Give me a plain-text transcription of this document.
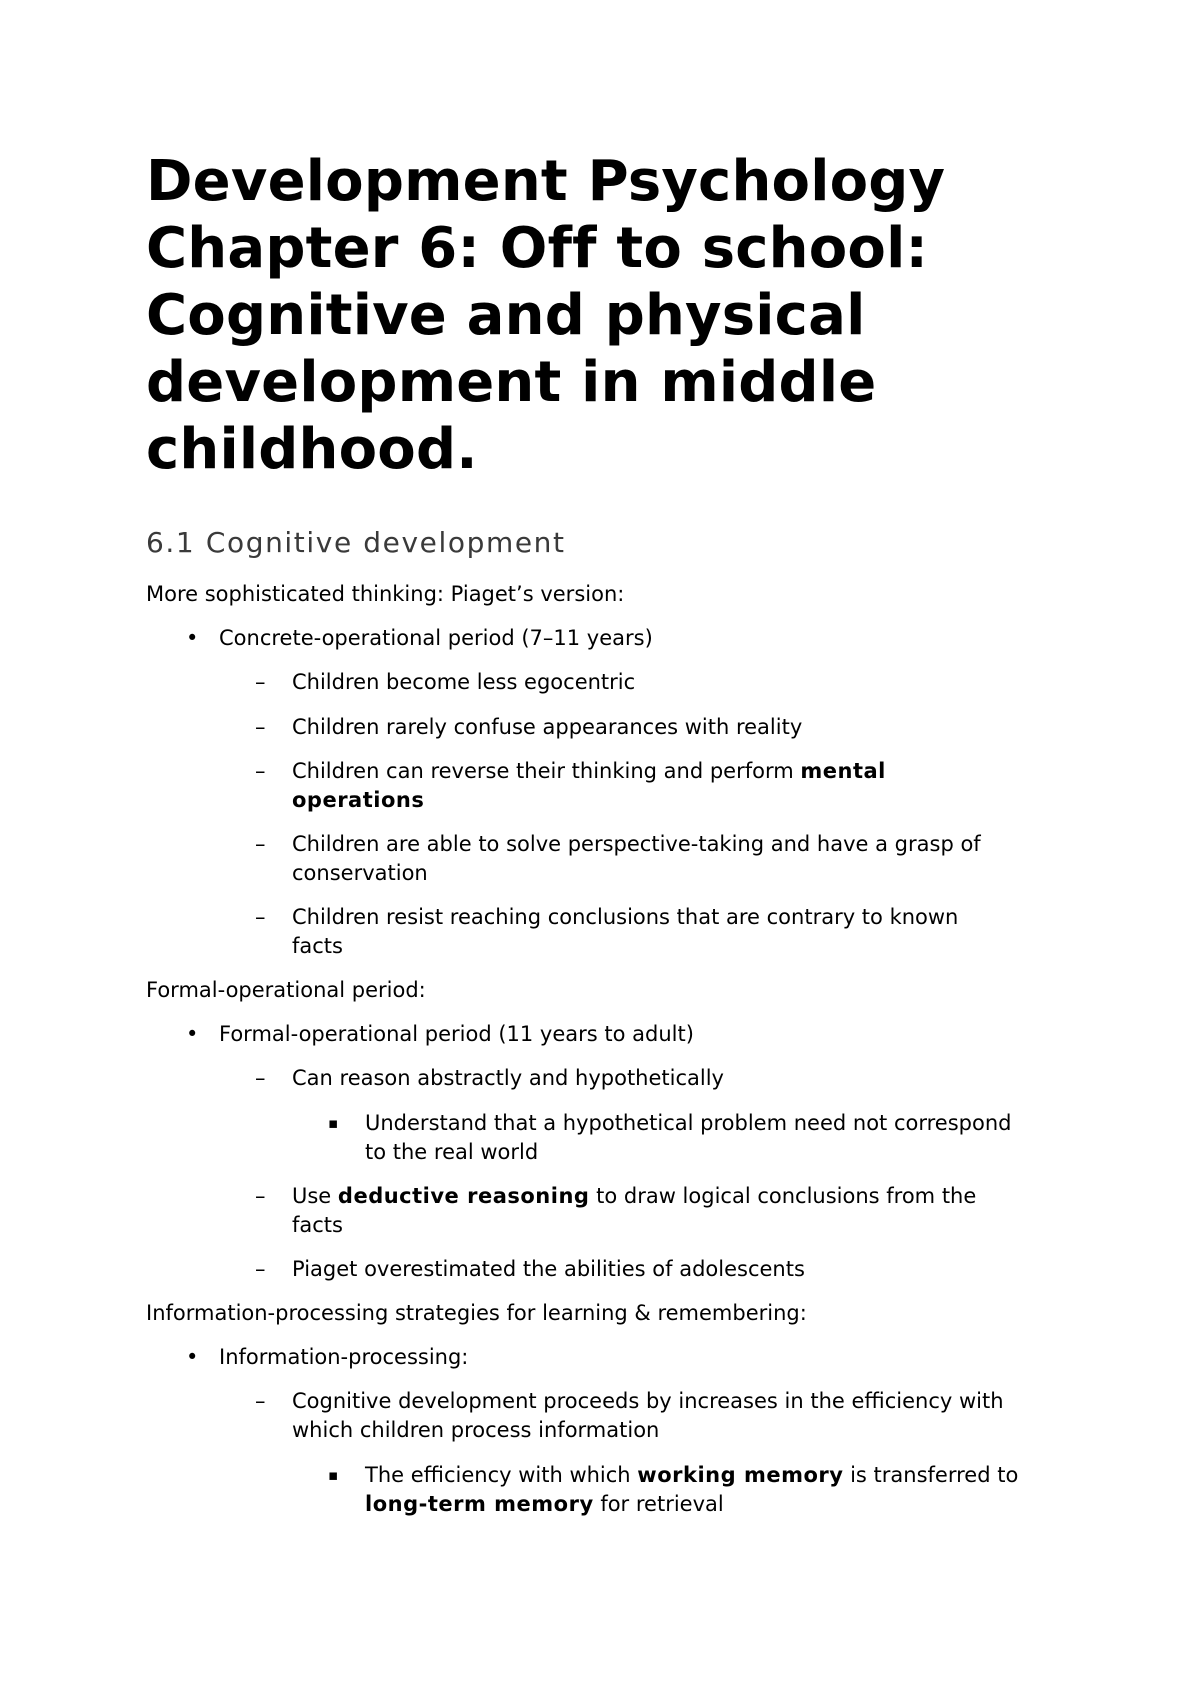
Development Psychology
Chapter 6: Off to school:
Cognitive and physical
development in middle
childhood.
6.1 Cognitive development
More sophisticated thinking: Piaget’s version:
• Concrete-operational period (7–11 years)
– Children become less egocentric
– Children rarely confuse appearances with reality
– Children can reverse their thinking and perform mental
operations
– Children are able to solve perspective-taking and have a grasp of
conservation
– Children resist reaching conclusions that are contrary to known
facts
Formal-operational period:
• Formal-operational period (11 years to adult)
– Can reason abstractly and hypothetically
▪ Understand that a hypothetical problem need not correspond
to the real world
– Use deductive reasoning to draw logical conclusions from the
facts
– Piaget overestimated the abilities of adolescents
Information-processing strategies for learning & remembering:
• Information-processing:
– Cognitive development proceeds by increases in the efficiency with
which children process information
▪ The efficiency with which working memory is transferred to
long-term memory for retrieval
